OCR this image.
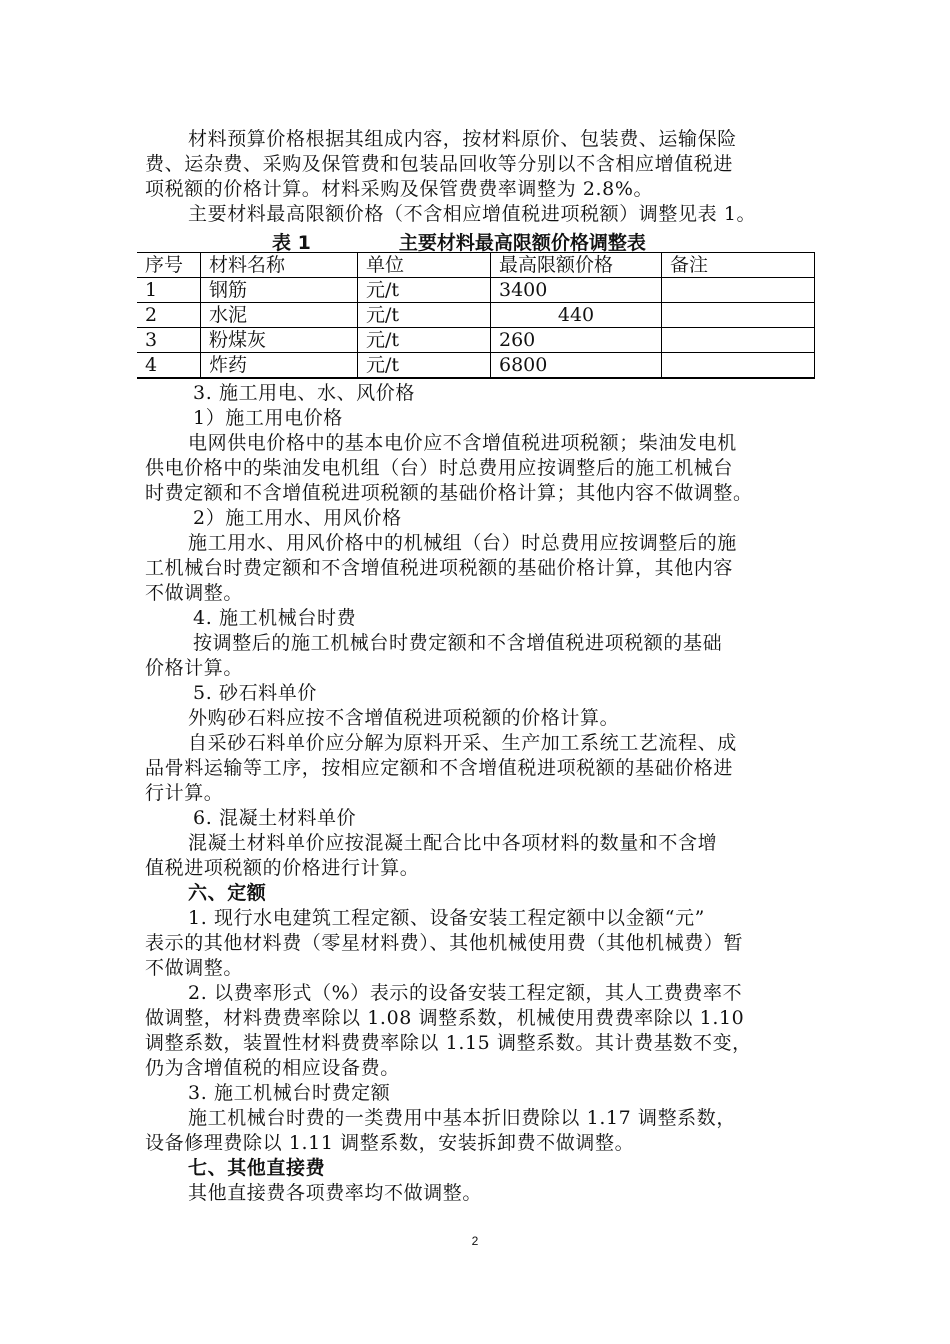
材料预算价格根据其组成内容，按材料原价、包装费、运输保险
费、运杂费、采购及保管费和包装品回收等分别以不含相应增值税进
项税额的价格计算。材料采购及保管费费率调整为 2.8%。
主要材料最高限额价格（不含相应增值税进项税额）调整见表 1。
表 1	主要材料最高限额价格调整表
序号	材料名称	单位	最高限额价格	备注
1	钢筋	元/t	3400	
2	水泥	元/t	440	
3	粉煤灰	元/t	260	
4	炸药	元/t	6800	
3. 施工用电、水、风价格
1）施工用电价格
电网供电价格中的基本电价应不含增值税进项税额；柴油发电机
供电价格中的柴油发电机组（台）时总费用应按调整后的施工机械台
时费定额和不含增值税进项税额的基础价格计算；其他内容不做调整。
2）施工用水、用风价格
施工用水、用风价格中的机械组（台）时总费用应按调整后的施
工机械台时费定额和不含增值税进项税额的基础价格计算，其他内容
不做调整。
4. 施工机械台时费
按调整后的施工机械台时费定额和不含增值税进项税额的基础
价格计算。
5. 砂石料单价
外购砂石料应按不含增值税进项税额的价格计算。
自采砂石料单价应分解为原料开采、生产加工系统工艺流程、成
品骨料运输等工序，按相应定额和不含增值税进项税额的基础价格进
行计算。
6. 混凝土材料单价
混凝土材料单价应按混凝土配合比中各项材料的数量和不含增
值税进项税额的价格进行计算。
六、定额
1. 现行水电建筑工程定额、设备安装工程定额中以金额“元”
表示的其他材料费（零星材料费）、其他机械使用费（其他机械费）暂
不做调整。
2. 以费率形式（%）表示的设备安装工程定额，其人工费费率不
做调整，材料费费率除以 1.08 调整系数，机械使用费费率除以 1.10
调整系数，装置性材料费费率除以 1.15 调整系数。其计费基数不变，
仍为含增值税的相应设备费。
3. 施工机械台时费定额
施工机械台时费的一类费用中基本折旧费除以 1.17 调整系数，
设备修理费除以 1.11 调整系数，安装拆卸费不做调整。
七、其他直接费
其他直接费各项费率均不做调整。
2
